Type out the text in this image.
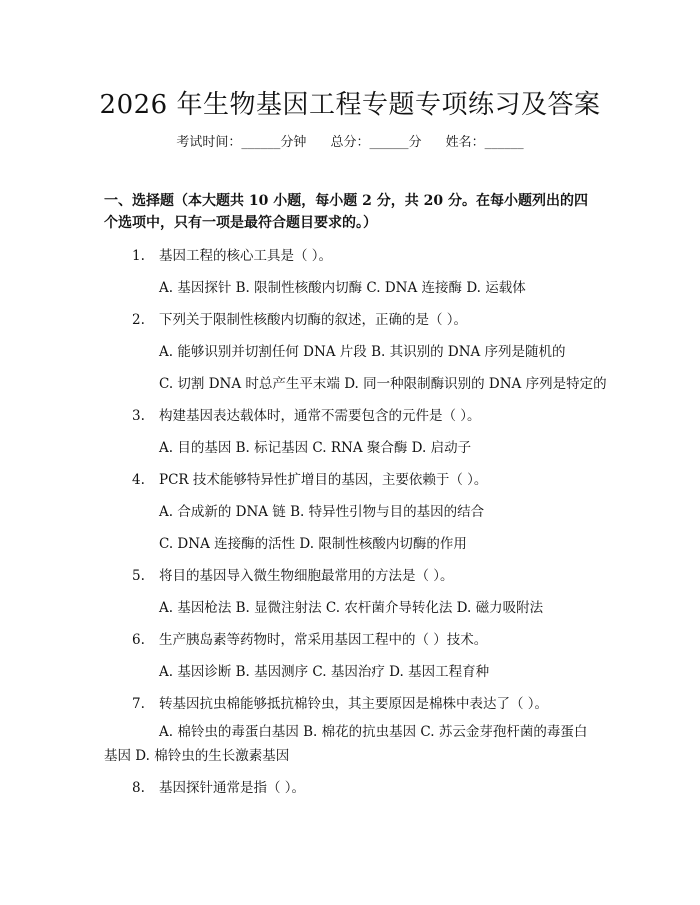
2026 年生物基因工程专题专项练习及答案
考试时间：______分钟 总分：______分 姓名：______
一、选择题（本大题共 10 小题，每小题 2 分，共 20 分。在每小题列出的四个选项中，只有一项是最符合题目要求的。）
1. 基因工程的核心工具是（ ）。
A. 基因探针 B. 限制性核酸内切酶 C. DNA 连接酶 D. 运载体
2. 下列关于限制性核酸内切酶的叙述，正确的是（ ）。
A. 能够识别并切割任何 DNA 片段 B. 其识别的 DNA 序列是随机的
C. 切割 DNA 时总产生平末端 D. 同一种限制酶识别的 DNA 序列是特定的
3. 构建基因表达载体时，通常不需要包含的元件是（ ）。
A. 目的基因 B. 标记基因 C. RNA 聚合酶 D. 启动子
4. PCR 技术能够特异性扩增目的基因，主要依赖于（ ）。
A. 合成新的 DNA 链 B. 特异性引物与目的基因的结合
C. DNA 连接酶的活性 D. 限制性核酸内切酶的作用
5. 将目的基因导入微生物细胞最常用的方法是（ ）。
A. 基因枪法 B. 显微注射法 C. 农杆菌介导转化法 D. 磁力吸附法
6. 生产胰岛素等药物时，常采用基因工程中的（ ）技术。
A. 基因诊断 B. 基因测序 C. 基因治疗 D. 基因工程育种
7. 转基因抗虫棉能够抵抗棉铃虫，其主要原因是棉株中表达了（ ）。
A. 棉铃虫的毒蛋白基因 B. 棉花的抗虫基因 C. 苏云金芽孢杆菌的毒蛋白基因 D. 棉铃虫的生长激素基因
8. 基因探针通常是指（ ）。
